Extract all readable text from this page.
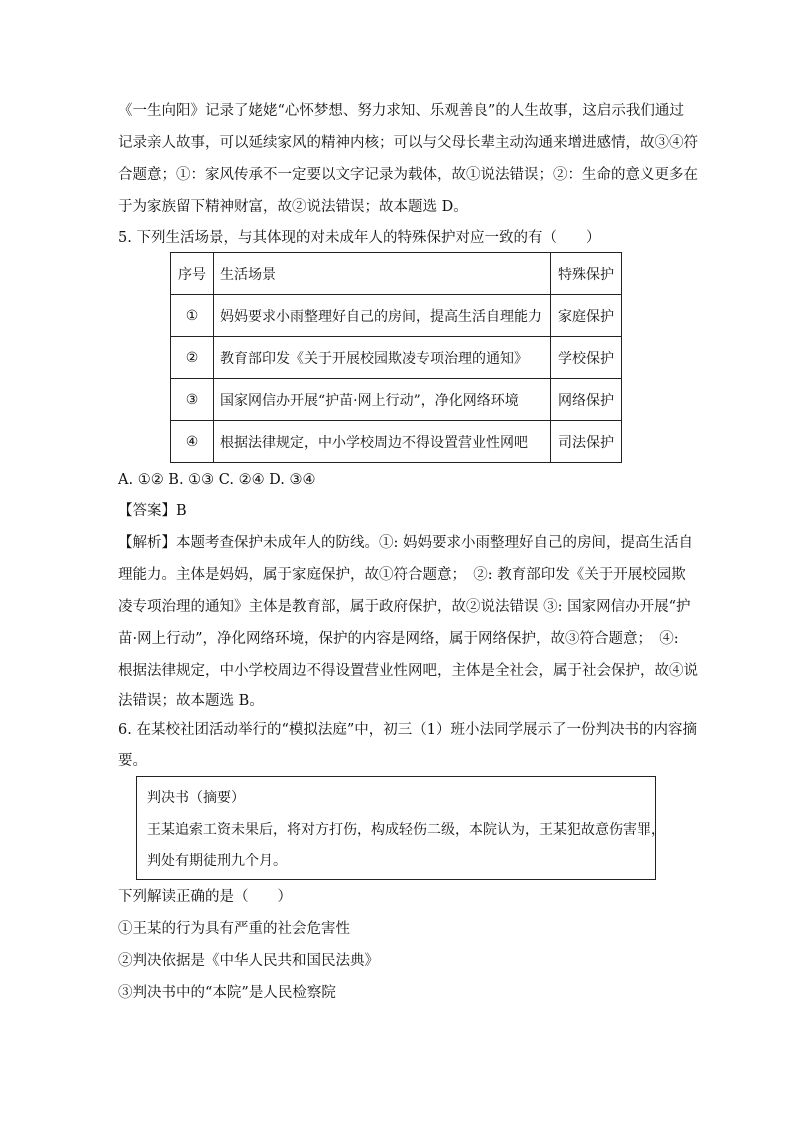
《一生向阳》记录了姥姥“心怀梦想、努力求知、乐观善良”的人生故事，这启示我们通过
记录亲人故事，可以延续家风的精神内核；可以与父母长辈主动沟通来增进感情，故③④符
合题意；①：家风传承不一定要以文字记录为载体，故①说法错误；②：生命的意义更多在
于为家族留下精神财富，故②说法错误；故本题选 D。
5. 下列生活场景，与其体现的对未成年人的特殊保护对应一致的有（　　）
序号	生活场景	特殊保护
①	妈妈要求小雨整理好自己的房间，提高生活自理能力	家庭保护
②	教育部印发《关于开展校园欺凌专项治理的通知》	学校保护
③	国家网信办开展“护苗·网上行动”，净化网络环境	网络保护
④	根据法律规定，中小学校周边不得设置营业性网吧	司法保护
A. ①② B. ①③ C. ②④ D. ③④
【答案】B
【解析】本题考查保护未成年人的防线。①: 妈妈要求小雨整理好自己的房间，提高生活自
理能力。主体是妈妈，属于家庭保护，故①符合题意；　②: 教育部印发《关于开展校园欺
凌专项治理的通知》主体是教育部，属于政府保护，故②说法错误 ③: 国家网信办开展“护
苗·网上行动”，净化网络环境，保护的内容是网络，属于网络保护，故③符合题意；　④:
根据法律规定，中小学校周边不得设置营业性网吧，主体是全社会，属于社会保护，故④说
法错误；故本题选 B。
6. 在某校社团活动举行的“模拟法庭”中，初三（1）班小法同学展示了一份判决书的内容摘
要。
判决书（摘要）
王某追索工资未果后，将对方打伤，构成轻伤二级，本院认为，王某犯故意伤害罪，
判处有期徒刑九个月。
下列解读正确的是（　　）
①王某的行为具有严重的社会危害性
②判决依据是《中华人民共和国民法典》
③判决书中的“本院”是人民检察院
